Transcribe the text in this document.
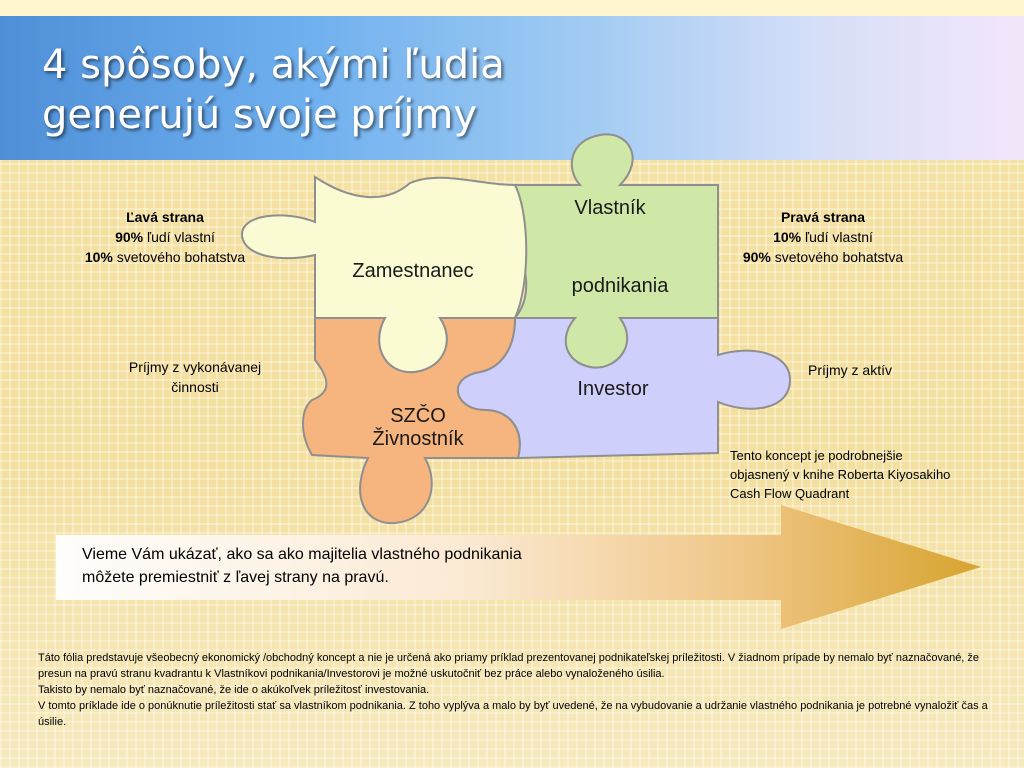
4 spôsoby, akými ľudia
generujú svoje príjmy
Ľavá strana
90% ľudí vlastní
10% svetového bohatstva
Príjmy z vykonávanej
činnosti
Pravá strana
10% ľudí vlastní
90% svetového bohatstva
Príjmy z aktív
Zamestnanec
Vlastník
podnikania
Investor
SZČO
Živnostník
Tento koncept je podrobnejšie
objasnený v knihe Roberta Kiyosakiho
Cash Flow Quadrant
Vieme Vám ukázať, ako sa ako majitelia vlastného podnikania
môžete premiestniť z ľavej strany na pravú.

Táto fólia predstavuje všeobecný ekonomický /obchodný koncept a nie je určená ako priamy príklad prezentovanej podnikateľskej príležitosti. V žiadnom prípade by nemalo byť naznačované, že presun na pravú stranu kvadrantu k Vlastníkovi podnikania/Investorovi je možné uskutočniť bez práce alebo vynaloženého úsilia.

Takisto by nemalo byť naznačované, že ide o akúkoľvek príležitosť investovania.

V tomto príklade ide o ponúknutie príležitosti stať sa vlastníkom podnikania. Z toho vyplýva a malo by byť uvedené, že na vybudovanie a udržanie vlastného podnikania je potrebné vynaložiť čas a úsilie.
